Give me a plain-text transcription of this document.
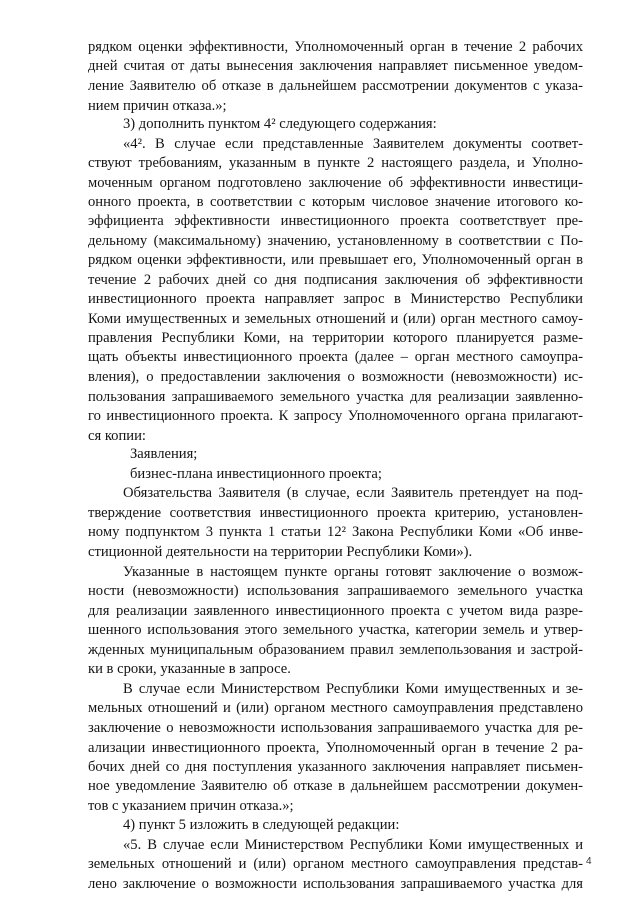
рядком оценки эффективности, Уполномоченный орган в течение 2 рабочих
дней считая от даты вынесения заключения направляет письменное уведом-
ление Заявителю об отказе в дальнейшем рассмотрении документов с указа-
нием причин отказа.»;
3) дополнить пунктом 4² следующего содержания:
«4². В случае если представленные Заявителем документы соответ-
ствуют требованиям, указанным в пункте 2 настоящего раздела, и Уполно-
моченным органом подготовлено заключение об эффективности инвестици-
онного проекта, в соответствии с которым числовое значение итогового ко-
эффициента эффективности инвестиционного проекта соответствует пре-
дельному (максимальному) значению, установленному в соответствии с По-
рядком оценки эффективности, или превышает его, Уполномоченный орган в
течение 2 рабочих дней со дня подписания заключения об эффективности
инвестиционного проекта направляет запрос в Министерство Республики
Коми имущественных и земельных отношений и (или) орган местного самоу-
правления Республики Коми, на территории которого планируется разме-
щать объекты инвестиционного проекта (далее – орган местного самоупра-
вления), о предоставлении заключения о возможности (невозможности) ис-
пользования запрашиваемого земельного участка для реализации заявленно-
го инвестиционного проекта. К запросу Уполномоченного органа прилагают-
ся копии:
Заявления;
бизнес-плана инвестиционного проекта;
Обязательства Заявителя (в случае, если Заявитель претендует на под-
тверждение соответствия инвестиционного проекта критерию, установлен-
ному подпунктом 3 пункта 1 статьи 12² Закона Республики Коми «Об инве-
стиционной деятельности на территории Республики Коми»).
Указанные в настоящем пункте органы готовят заключение о возмож-
ности (невозможности) использования запрашиваемого земельного участка
для реализации заявленного инвестиционного проекта с учетом вида разре-
шенного использования этого земельного участка, категории земель и утвер-
жденных муниципальным образованием правил землепользования и застрой-
ки в сроки, указанные в запросе.
В случае если Министерством Республики Коми имущественных и зе-
мельных отношений и (или) органом местного самоуправления представлено
заключение о невозможности использования запрашиваемого участка для ре-
ализации инвестиционного проекта, Уполномоченный орган в течение 2 ра-
бочих дней со дня поступления указанного заключения направляет письмен-
ное уведомление Заявителю об отказе в дальнейшем рассмотрении докумен-
тов с указанием причин отказа.»;
4) пункт 5 изложить в следующей редакции:
«5. В случае если Министерством Республики Коми имущественных и
земельных отношений и (или) органом местного самоуправления представ-
лено заключение о возможности использования запрашиваемого участка для
4
